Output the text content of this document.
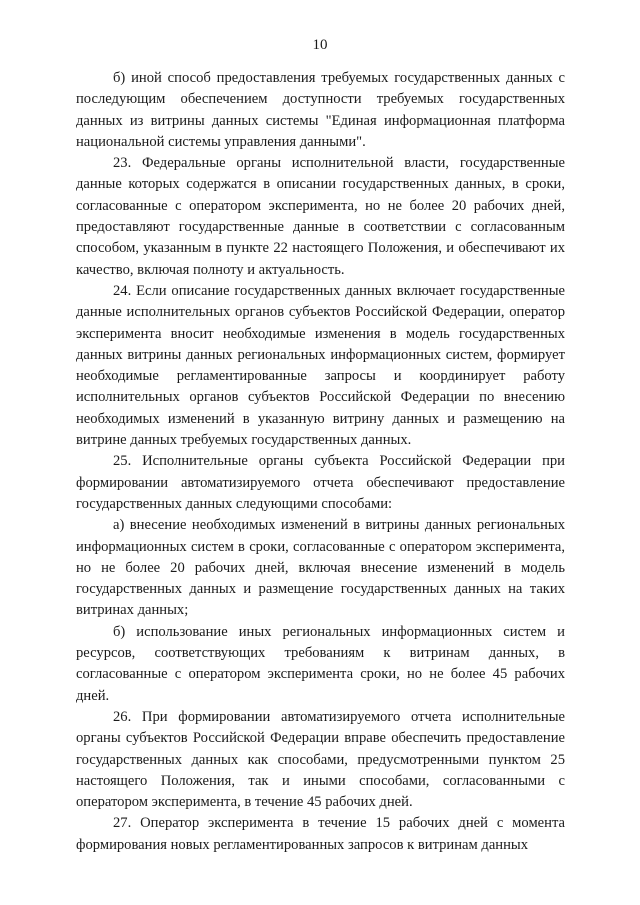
10

б) иной способ предоставления требуемых государственных данных с последующим обеспечением доступности требуемых государственных данных из витрины данных системы "Единая информационная платформа национальной системы управления данными".

23. Федеральные органы исполнительной власти, государственные данные которых содержатся в описании государственных данных, в сроки, согласованные с оператором эксперимента, но не более 20 рабочих дней, предоставляют государственные данные в соответствии с согласованным способом, указанным в пункте 22 настоящего Положения, и обеспечивают их качество, включая полноту и актуальность.

24. Если описание государственных данных включает государственные данные исполнительных органов субъектов Российской Федерации, оператор эксперимента вносит необходимые изменения в модель государственных данных витрины данных региональных информационных систем, формирует необходимые регламентированные запросы и координирует работу исполнительных органов субъектов Российской Федерации по внесению необходимых изменений в указанную витрину данных и размещению на витрине данных требуемых государственных данных.

25. Исполнительные органы субъекта Российской Федерации при формировании автоматизируемого отчета обеспечивают предоставление государственных данных следующими способами:

а) внесение необходимых изменений в витрины данных региональных информационных систем в сроки, согласованные с оператором эксперимента, но не более 20 рабочих дней, включая внесение изменений в модель государственных данных и размещение государственных данных на таких витринах данных;

б) использование иных региональных информационных систем и ресурсов, соответствующих требованиям к витринам данных, в согласованные с оператором эксперимента сроки, но не более 45 рабочих дней.

26. При формировании автоматизируемого отчета исполнительные органы субъектов Российской Федерации вправе обеспечить предоставление государственных данных как способами, предусмотренными пунктом 25 настоящего Положения, так и иными способами, согласованными с оператором эксперимента, в течение 45 рабочих дней.

27. Оператор эксперимента в течение 15 рабочих дней с момента формирования новых регламентированных запросов к витринам данных
